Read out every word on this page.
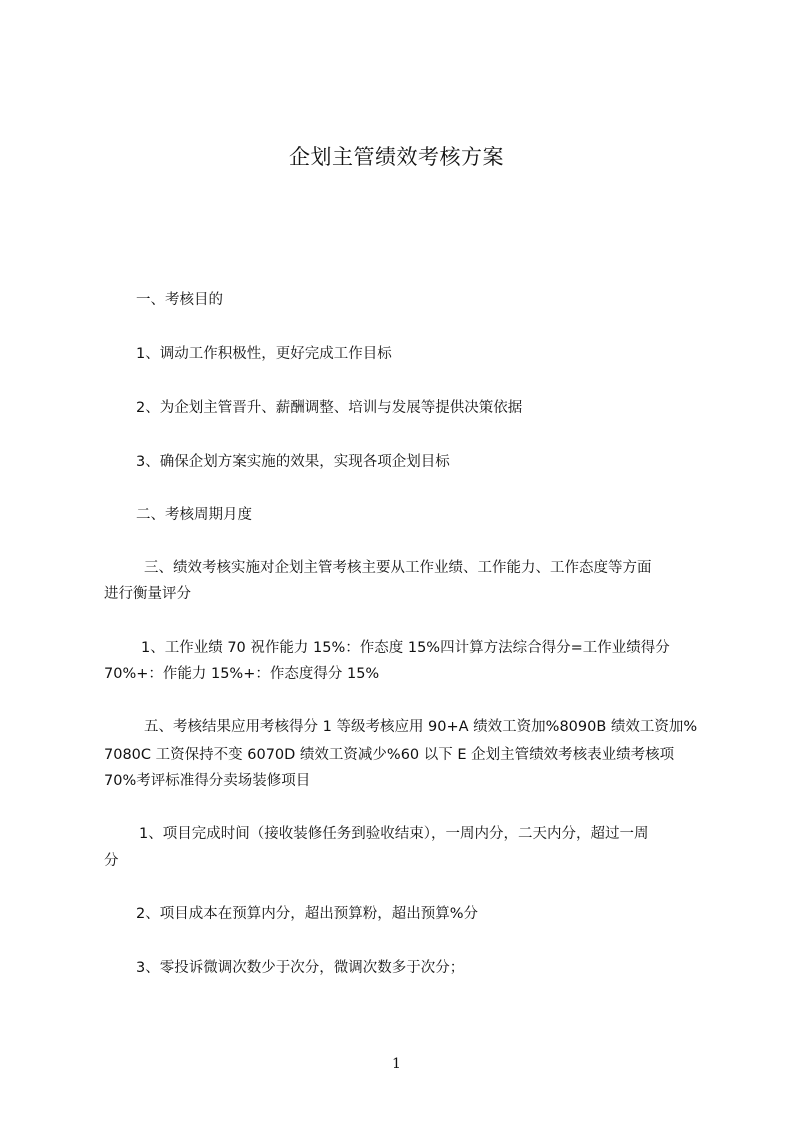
企划主管绩效考核方案
一、考核目的
1、调动工作积极性，更好完成工作目标
2、为企划主管晋升、薪酬调整、培训与发展等提供决策依据
3、确保企划方案实施的效果，实现各项企划目标
二、考核周期月度
三、绩效考核实施对企划主管考核主要从工作业绩、工作能力、工作态度等方面
进行衡量评分
1、工作业绩 70 祝作能力 15%：作态度 15%四计算方法综合得分=工作业绩得分
70%+：作能力 15%+：作态度得分 15%
五、考核结果应用考核得分 1 等级考核应用 90+A 绩效工资加%8090B 绩效工资加%
7080C 工资保持不变 6070D 绩效工资减少%60 以下 E 企划主管绩效考核表业绩考核项
70%考评标准得分卖场装修项目
1、项目完成时间（接收装修任务到验收结束），一周内分，二天内分，超过一周
分
2、项目成本在预算内分，超出预算粉，超出预算%分
3、零投诉微调次数少于次分，微调次数多于次分；
1
